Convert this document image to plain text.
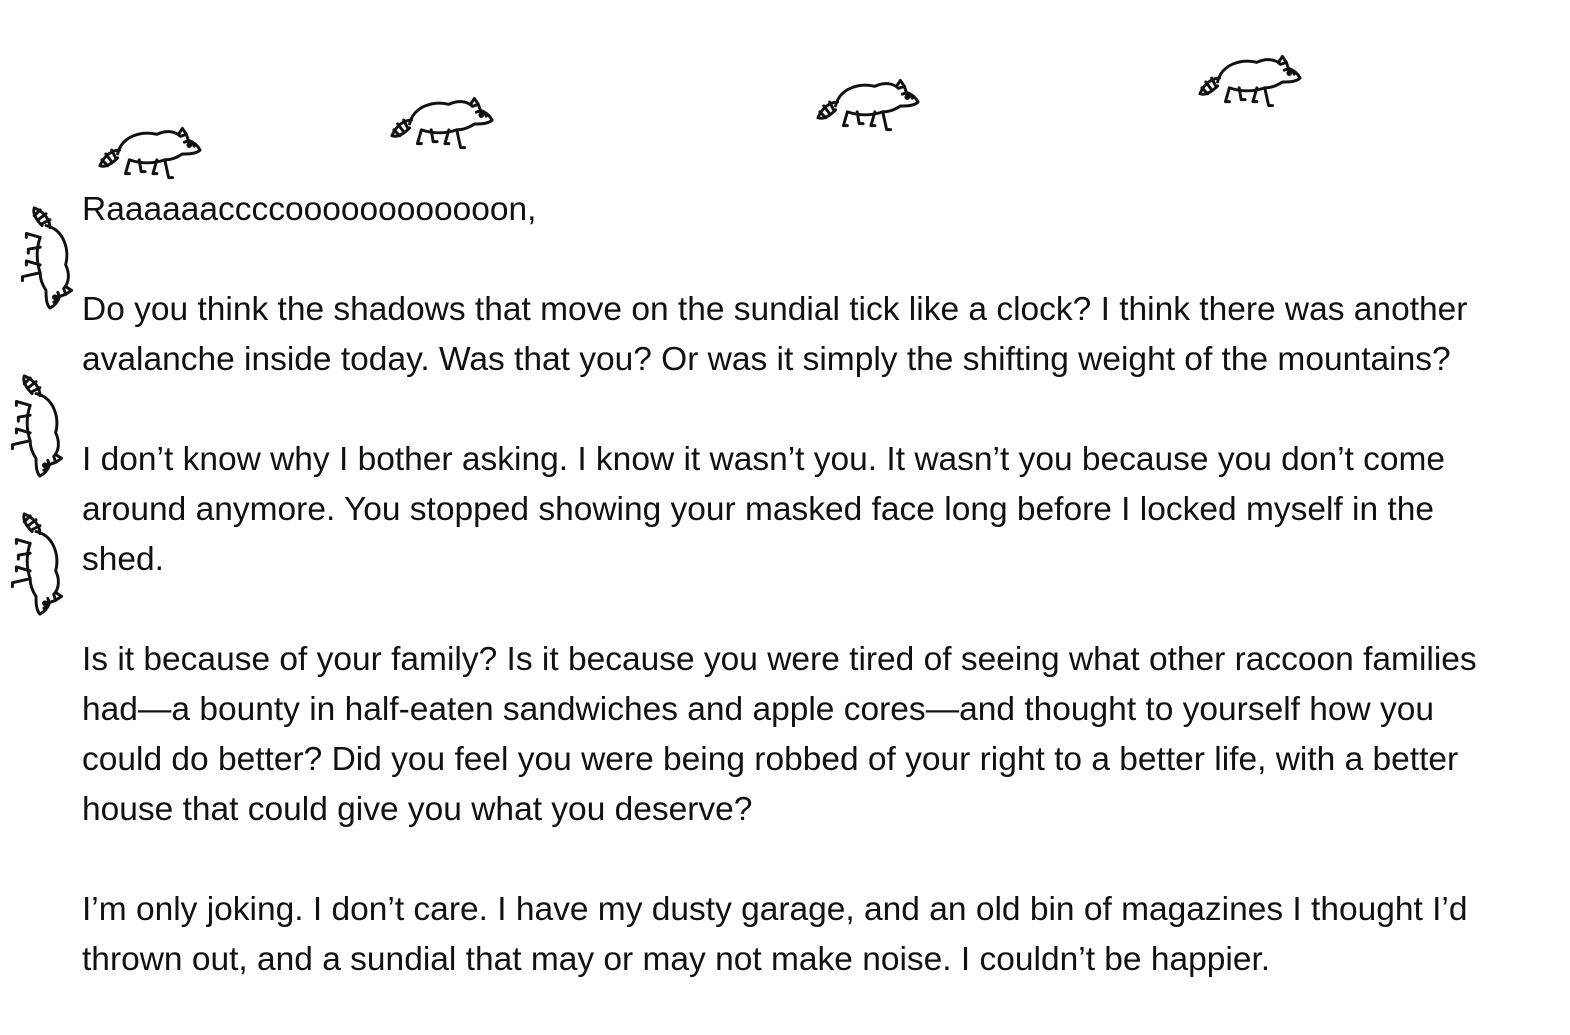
Raaaaaaccccoooooooooooon,

Do you think the shadows that move on the sundial tick like a clock? I think there was another avalanche inside today. Was that you? Or was it simply the shifting weight of the mountains?

I don’t know why I bother asking. I know it wasn’t you. It wasn’t you because you don’t come around anymore. You stopped showing your masked face long before I locked myself in the shed.

Is it because of your family? Is it because you were tired of seeing what other raccoon families had—a bounty in half-eaten sandwiches and apple cores—and thought to yourself how you could do better? Did you feel you were being robbed of your right to a better life, with a better house that could give you what you deserve?

I’m only joking. I don’t care. I have my dusty garage, and an old bin of magazines I thought I’d thrown out, and a sundial that may or may not make noise. I couldn’t be happier.
